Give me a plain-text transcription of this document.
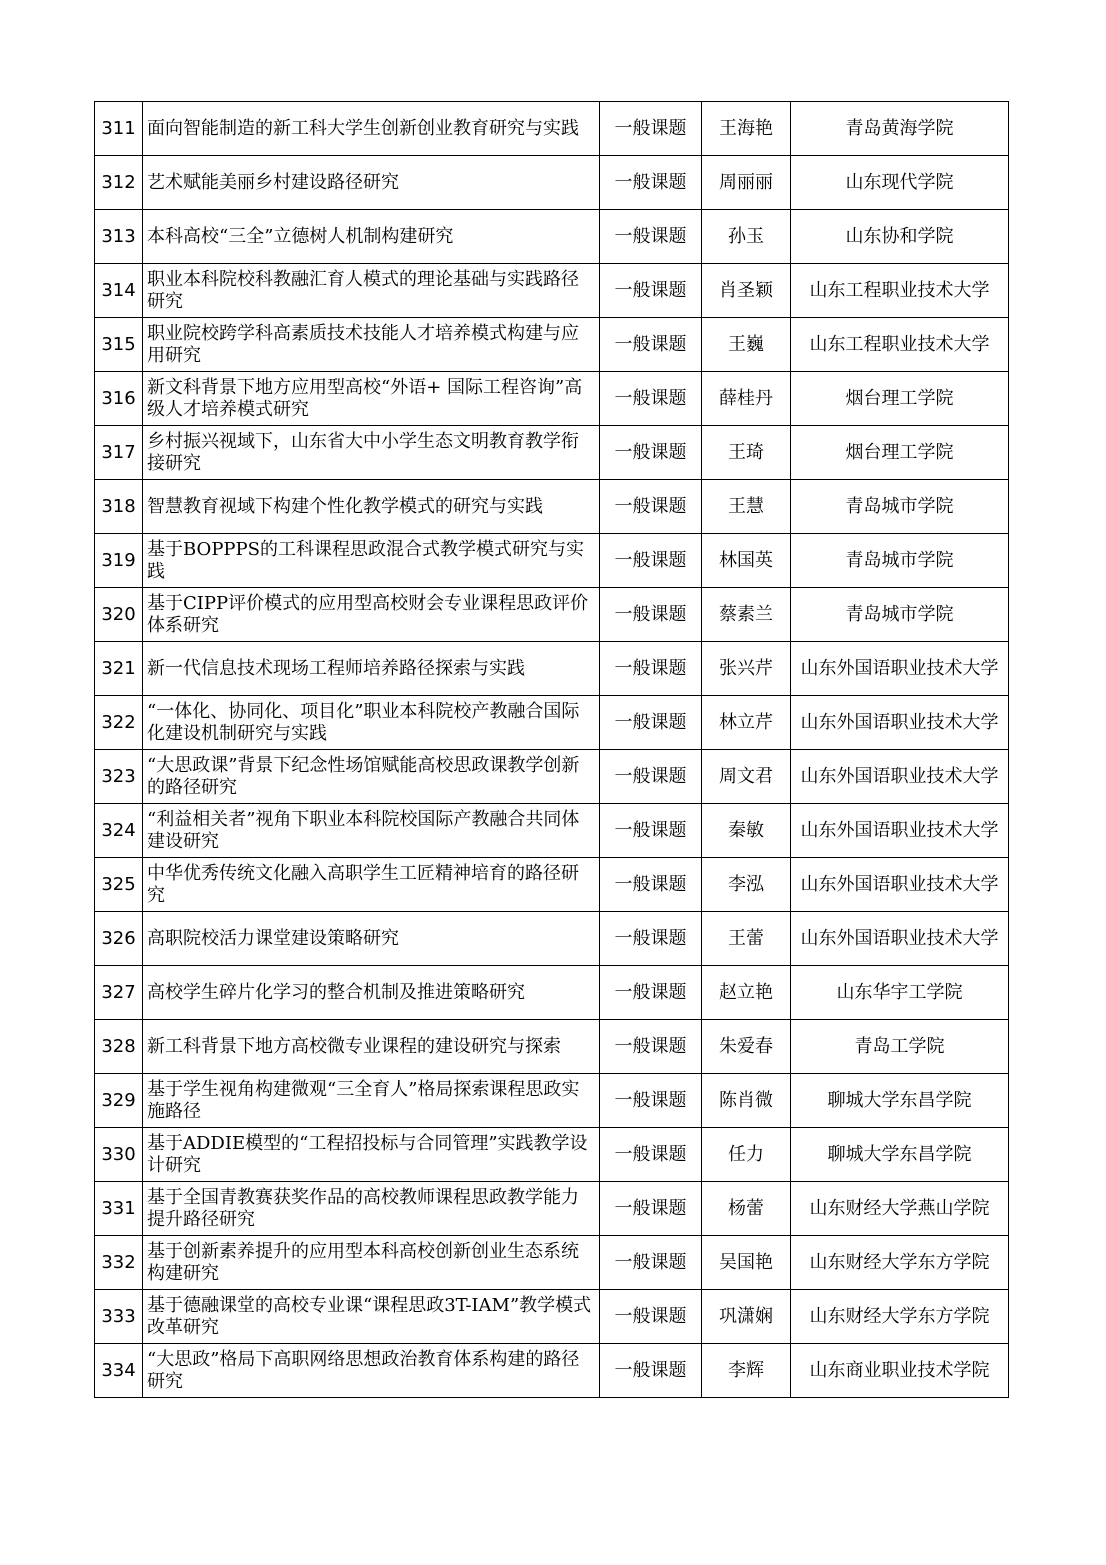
311	面向智能制造的新工科大学生创新创业教育研究与实践	一般课题	王海艳	青岛黄海学院
312	艺术赋能美丽乡村建设路径研究	一般课题	周丽丽	山东现代学院
313	本科高校“三全”立德树人机制构建研究	一般课题	孙玉	山东协和学院
314	职业本科院校科教融汇育人模式的理论基础与实践路径研究	一般课题	肖圣颖	山东工程职业技术大学
315	职业院校跨学科高素质技术技能人才培养模式构建与应用研究	一般课题	王巍	山东工程职业技术大学
316	新文科背景下地方应用型高校“外语+ 国际工程咨询”高级人才培养模式研究	一般课题	薛桂丹	烟台理工学院
317	乡村振兴视域下，山东省大中小学生态文明教育教学衔接研究	一般课题	王琦	烟台理工学院
318	智慧教育视域下构建个性化教学模式的研究与实践	一般课题	王慧	青岛城市学院
319	基于BOPPPS的工科课程思政混合式教学模式研究与实践	一般课题	林国英	青岛城市学院
320	基于CIPP评价模式的应用型高校财会专业课程思政评价体系研究	一般课题	蔡素兰	青岛城市学院
321	新一代信息技术现场工程师培养路径探索与实践	一般课题	张兴芹	山东外国语职业技术大学
322	“一体化、协同化、项目化”职业本科院校产教融合国际化建设机制研究与实践	一般课题	林立芹	山东外国语职业技术大学
323	“大思政课”背景下纪念性场馆赋能高校思政课教学创新的路径研究	一般课题	周文君	山东外国语职业技术大学
324	“利益相关者”视角下职业本科院校国际产教融合共同体建设研究	一般课题	秦敏	山东外国语职业技术大学
325	中华优秀传统文化融入高职学生工匠精神培育的路径研究	一般课题	李泓	山东外国语职业技术大学
326	高职院校活力课堂建设策略研究	一般课题	王蕾	山东外国语职业技术大学
327	高校学生碎片化学习的整合机制及推进策略研究	一般课题	赵立艳	山东华宇工学院
328	新工科背景下地方高校微专业课程的建设研究与探索	一般课题	朱爱春	青岛工学院
329	基于学生视角构建微观“三全育人”格局探索课程思政实施路径	一般课题	陈肖微	聊城大学东昌学院
330	基于ADDIE模型的“工程招投标与合同管理”实践教学设计研究	一般课题	任力	聊城大学东昌学院
331	基于全国青教赛获奖作品的高校教师课程思政教学能力提升路径研究	一般课题	杨蕾	山东财经大学燕山学院
332	基于创新素养提升的应用型本科高校创新创业生态系统构建研究	一般课题	吴国艳	山东财经大学东方学院
333	基于德融课堂的高校专业课“课程思政3T-IAM”教学模式改革研究	一般课题	巩潇娴	山东财经大学东方学院
334	“大思政”格局下高职网络思想政治教育体系构建的路径研究	一般课题	李辉	山东商业职业技术学院
